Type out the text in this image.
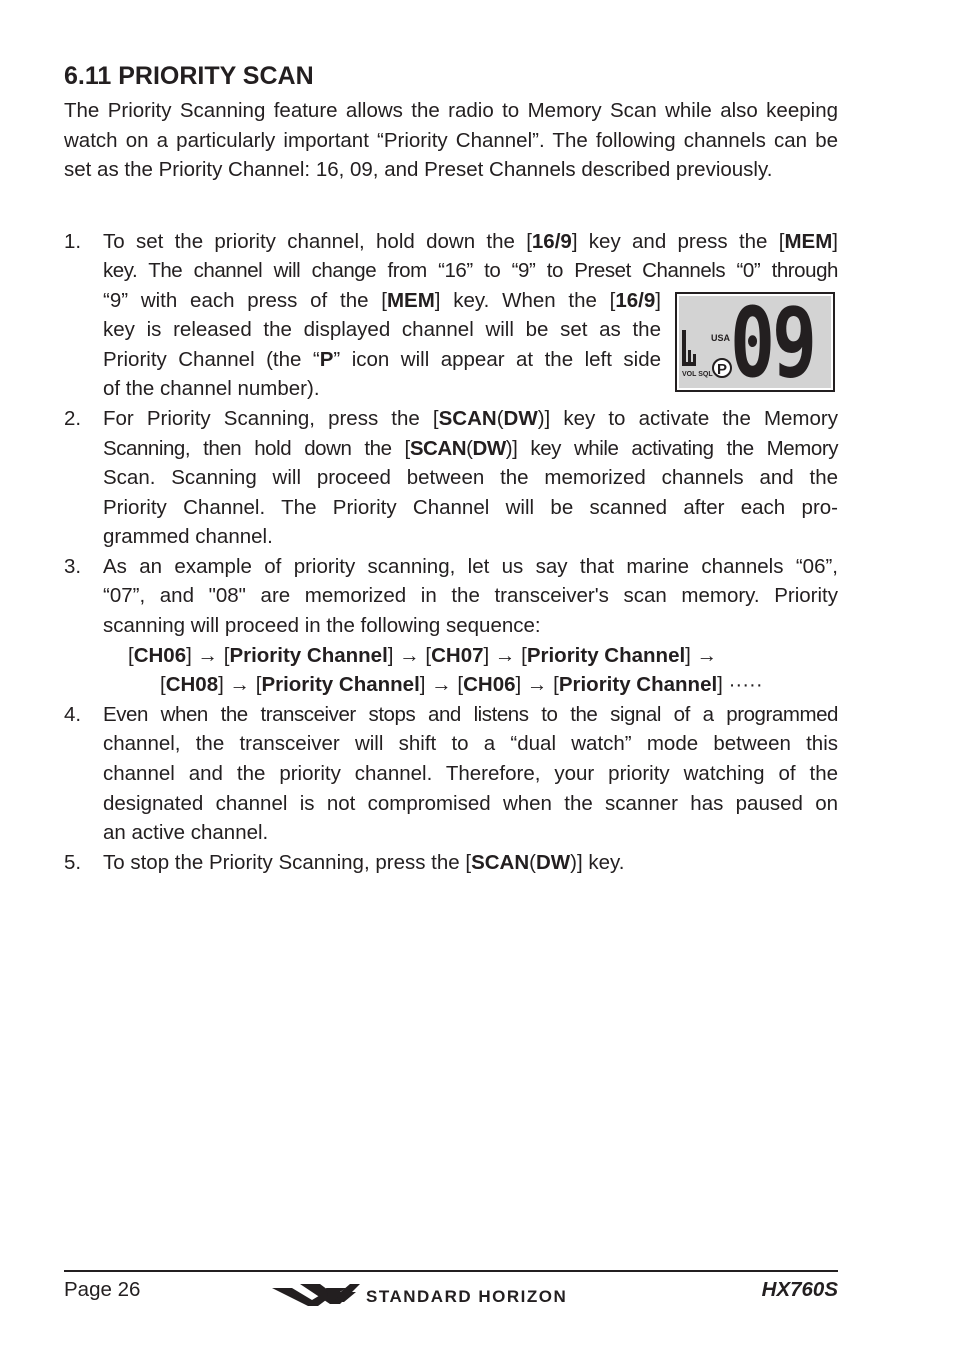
6.11 PRIORITY SCAN

The Priority Scanning feature allows the radio to Memory Scan while also keeping watch on a particularly important “Priority Channel”. The following channels can be set as the Priority Channel: 16, 09, and Preset Channels described previously.

1. To set the priority channel, hold down the [16/9] key and press the [MEM]
key. The channel will change from “16” to “9” to Preset Channels “0” through
“9” with each press of the [MEM] key. When the [16/9]
key is released the displayed channel will be set as the
Priority Channel (the “P” icon will appear at the left side
of the channel number).
2. For Priority Scanning, press the [SCAN(DW)] key to activate the Memory
Scanning, then hold down the [SCAN(DW)] key while activating the Memory
Scan. Scanning will proceed between the memorized channels and the
Priority Channel. The Priority Channel will be scanned after each pro-
grammed channel.
3. As an example of priority scanning, let us say that marine channels “06”,
“07”, and "08" are memorized in the transceiver's scan memory. Priority
scanning will proceed in the following sequence:
[CH06] → [Priority Channel] → [CH07] → [Priority Channel] →
[CH08] → [Priority Channel] → [CH06] → [Priority Channel] ·····
4. Even when the transceiver stops and listens to the signal of a programmed
channel, the transceiver will shift to a “dual watch” mode between this
channel and the priority channel. Therefore, your priority watching of the
designated channel is not compromised when the scanner has paused on
an active channel.
5. To stop the Priority Scanning, press the [SCAN(DW)] key.
VOL SQL
USA
P 09
Page 26	STANDARD HORIZON	HX760S
